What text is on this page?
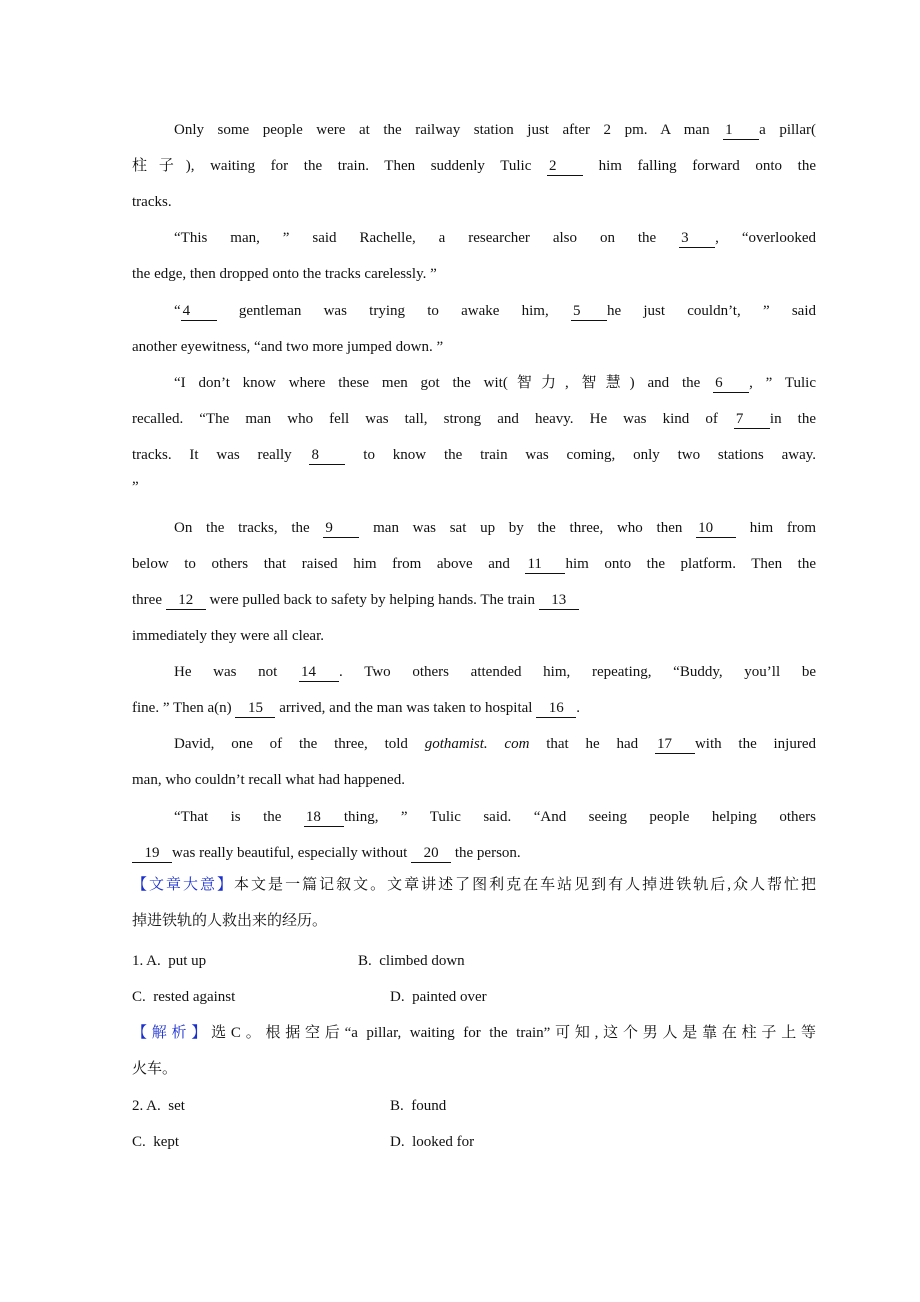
Only some people were at the railway station just after 2 pm. A man 1 a pillar(
柱子), waiting for the train. Then suddenly Tulic 2 him falling forward onto the
tracks.
“This man, ” said Rachelle, a researcher also on the 3 , “overlooked
the edge, then dropped onto the tracks carelessly. ”
“ 4 gentleman was trying to awake him, 5 he just couldn’t, ” said
another eyewitness, “and two more jumped down. ”
“I don’t know where these men got the wit(智力, 智慧) and the 6 , ” Tulic
recalled. “The man who fell was tall, strong and heavy. He was kind of 7 in the
tracks. It was really 8 to know the train was coming, only two stations away.
”
On the tracks, the 9 man was sat up by the three, who then 10 him from
below to others that raised him from above and 11 him onto the platform. Then the
three 12 were pulled back to safety by helping hands. The train 13
immediately they were all clear.
He was not 14 . Two others attended him, repeating, “Buddy, you’ll be
fine. ” Then a(n) 15 arrived, and the man was taken to hospital 16 .
David, one of the three, told gothamist. com that he had 17 with the injured
man, who couldn’t recall what had happened.
“That is the 18 thing, ” Tulic said. “And seeing people helping others
19 was really beautiful, especially without 20 the person.
【文章大意】本文是一篇记叙文。文章讲述了图利克在车站见到有人掉进铁轨后,众人帮忙把
掉进铁轨的人救出来的经历。
1. A.  put up	B.  climbed down
C.  rested against	D.  painted over
【解析】选C。根据空后“a pillar, waiting for the train”可知,这个男人是靠在柱子上等
火车。
2. A.  set	B.  found
C.  kept	D.  looked for
